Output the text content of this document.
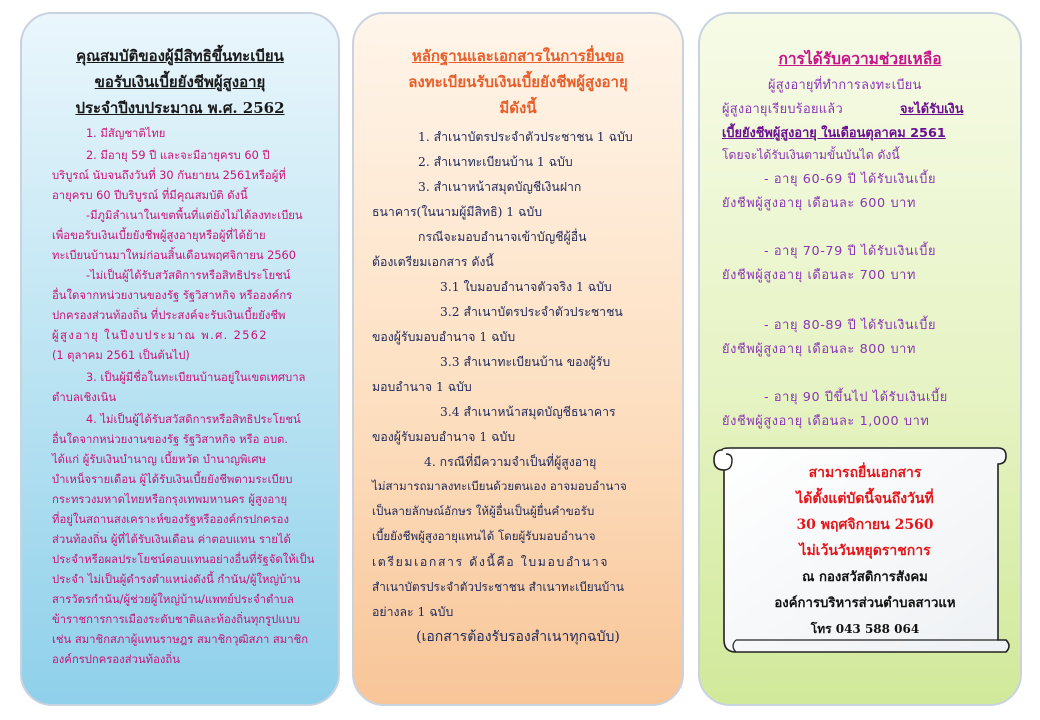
คุณสมบัติของผู้มีสิทธิขึ้นทะเบียน
ขอรับเงินเบี้ยยังชีพผู้สูงอายุ
ประจำปีงบประมาณ พ.ศ. 2562
1. มีสัญชาติไทย
2. มีอายุ 59 ปี และจะมีอายุครบ 60 ปี
บริบูรณ์ นับจนถึงวันที่ 30 กันยายน 2561หรือผู้ที่
อายุครบ 60 ปีบริบูรณ์ ที่มีคุณสมบัติ ดังนี้
-มีภูมิลำเนาในเขตพื้นที่แต่ยังไม่ได้ลงทะเบียน
เพื่อขอรับเงินเบี้ยยังชีพผู้สูงอายุหรือผู้ที่ได้ย้าย
ทะเบียนบ้านมาใหม่ก่อนสิ้นเดือนพฤศจิกายน 2560
-ไม่เป็นผู้ได้รับสวัสดิการหรือสิทธิประโยชน์
อื่นใดจากหน่วยงานของรัฐ รัฐวิสาหกิจ หรือองค์กร
ปกครองส่วนท้องถิ่น ที่ประสงค์จะรับเงินเบี้ยยังชีพ
ผู้สูงอายุ ในปีงบประมาณ พ.ศ. 2562
(1 ตุลาคม 2561 เป็นต้นไป)
3. เป็นผู้มีชื่อในทะเบียนบ้านอยู่ในเขตเทศบาล
ตำบลเชิงเนิน
4. ไม่เป็นผู้ได้รับสวัสดิการหรือสิทธิประโยชน์
อื่นใดจากหน่วยงานของรัฐ รัฐวิสาหกิจ หรือ อบต.
ได้แก่ ผู้รับเงินบำนาญ เบี้ยหวัด บำนาญพิเศษ
บำเหน็จรายเดือน ผู้ได้รับเงินเบี้ยยังชีพตามระเบียบ
กระทรวงมหาดไทยหรือกรุงเทพมหานคร ผู้สูงอายุ
ที่อยู่ในสถานสงเคราะห์ของรัฐหรือองค์กรปกครอง
ส่วนท้องถิ่น ผู้ที่ได้รับเงินเดือน ค่าตอบแทน รายได้
ประจำหรือผลประโยชน์ตอบแทนอย่างอื่นที่รัฐจัดให้เป็น
ประจำ ไม่เป็นผู้ดำรงตำแหน่งดังนี้ กำนัน/ผู้ใหญ่บ้าน
สารวัตรกำนัน/ผู้ช่วยผู้ใหญ่บ้าน/แพทย์ประจำตำบล
ข้าราชการการเมืองระดับชาติและท้องถิ่นทุกรูปแบบ
เช่น สมาชิกสภาผู้แทนราษฎร สมาชิกวุฒิสภา สมาชิก
องค์กรปกครองส่วนท้องถิ่น
หลักฐานและเอกสารในการยื่นขอ
ลงทะเบียนรับเงินเบี้ยยังชีพผู้สูงอายุ
มีดังนี้
1. สำเนาบัตรประจำตัวประชาชน 1 ฉบับ
2. สำเนาทะเบียนบ้าน 1 ฉบับ
3. สำเนาหน้าสมุดบัญชีเงินฝาก
ธนาคาร(ในนามผู้มีสิทธิ) 1 ฉบับ
กรณีจะมอบอำนาจเข้าบัญชีผู้อื่น
ต้องเตรียมเอกสาร ดังนี้
3.1 ใบมอบอำนาจตัวจริง 1 ฉบับ
3.2 สำเนาบัตรประจำตัวประชาชน
ของผู้รับมอบอำนาจ 1 ฉบับ
3.3 สำเนาทะเบียนบ้าน ของผู้รับ
มอบอำนาจ 1 ฉบับ
3.4 สำเนาหน้าสมุดบัญชีธนาคาร
ของผู้รับมอบอำนาจ 1 ฉบับ
4. กรณีที่มีความจำเป็นที่ผู้สูงอายุ
ไม่สามารถมาลงทะเบียนด้วยตนเอง อาจมอบอำนาจ
เป็นลายลักษณ์อักษร ให้ผู้อื่นเป็นผู้ยื่นคำขอรับ
เบี้ยยังชีพผู้สูงอายุแทนได้ โดยผู้รับมอบอำนาจ
เตรียมเอกสาร ดังนี้คือ ใบมอบอำนาจ
สำเนาบัตรประจำตัวประชาชน สำเนาทะเบียนบ้าน
อย่างละ 1 ฉบับ
(เอกสารต้องรับรองสำเนาทุกฉบับ)
การได้รับความช่วยเหลือ
ผู้สูงอายุที่ทำการลงทะเบียน
ผู้สูงอายุเรียบร้อยแล้ว	จะได้รับเงิน
เบี้ยยังชีพผู้สูงอายุ ในเดือนตุลาคม 2561
โดยจะได้รับเงินตามขั้นบันได ดังนี้
- อายุ 60-69 ปี ได้รับเงินเบี้ย
ยังชีพผู้สูงอายุ เดือนละ 600 บาท
- อายุ 70-79 ปี ได้รับเงินเบี้ย
ยังชีพผู้สูงอายุ เดือนละ 700 บาท
- อายุ 80-89 ปี ได้รับเงินเบี้ย
ยังชีพผู้สูงอายุ เดือนละ 800 บาท
- อายุ 90 ปีขึ้นไป ได้รับเงินเบี้ย
ยังชีพผู้สูงอายุ เดือนละ 1,000 บาท
สามารถยื่นเอกสาร
ได้ตั้งแต่บัดนี้จนถึงวันที่
30 พฤศจิกายน 2560
ไม่เว้นวันหยุดราชการ
ณ กองสวัสดิการสังคม
องค์การบริหารส่วนตำบลสาวแห
โทร 043 588 064
